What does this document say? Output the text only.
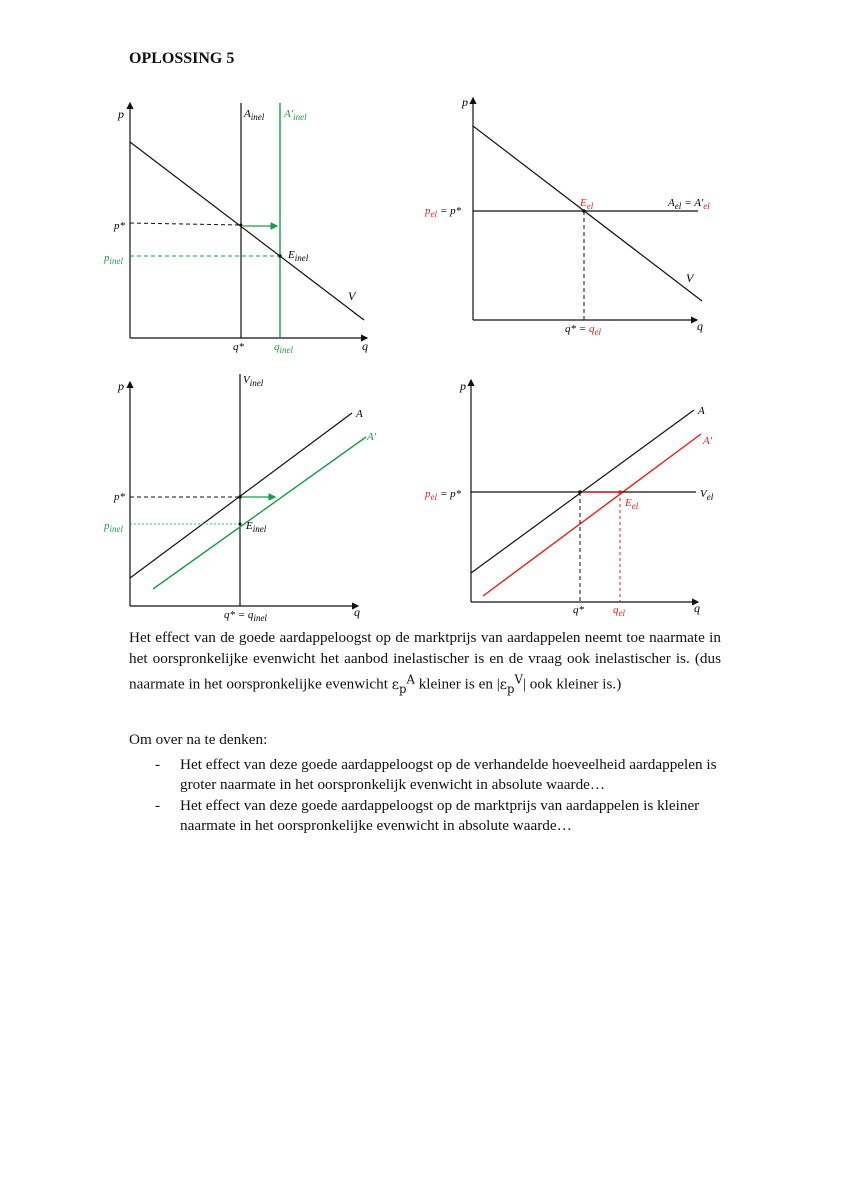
OPLOSSING 5
p
q
$A_{inel}$ $A'_{inel}$
p*
$p_{inel}$	$E_{inel}$
V
q*	$q_{inel}$
p
q
$p_{el} = p*$
$E_{el}$	$A_{el} = A'_{el}$
V
$q* = q_{el}$
p
q
$V_{inel}$
A
A'
p*
$p_{inel}$	$E_{inel}$
$q* = q_{inel}$
p
q
A
A'
$p_{el} = p*$	$V_{el}$
$E_{el}$
q*	$q_{el}$

Het effect van de goede aardappeloogst op de marktprijs van aardappelen neemt toe naarmate in het oorspronkelijke evenwicht het aanbod inelastischer is en de vraag ook inelastischer is. (dus naarmate in het oorspronkelijke evenwicht $\varepsilon_p^A$ kleiner is en $|\varepsilon_p^V|$ ook kleiner is.)

Om over na te denken:

- Het effect van deze goede aardappeloogst op de verhandelde hoeveelheid aardappelen is groter naarmate in het oorspronkelijk evenwicht in absolute waarde…
- Het effect van deze goede aardappeloogst op de marktprijs van aardappelen is kleiner naarmate in het oorspronkelijke evenwicht in absolute waarde…
